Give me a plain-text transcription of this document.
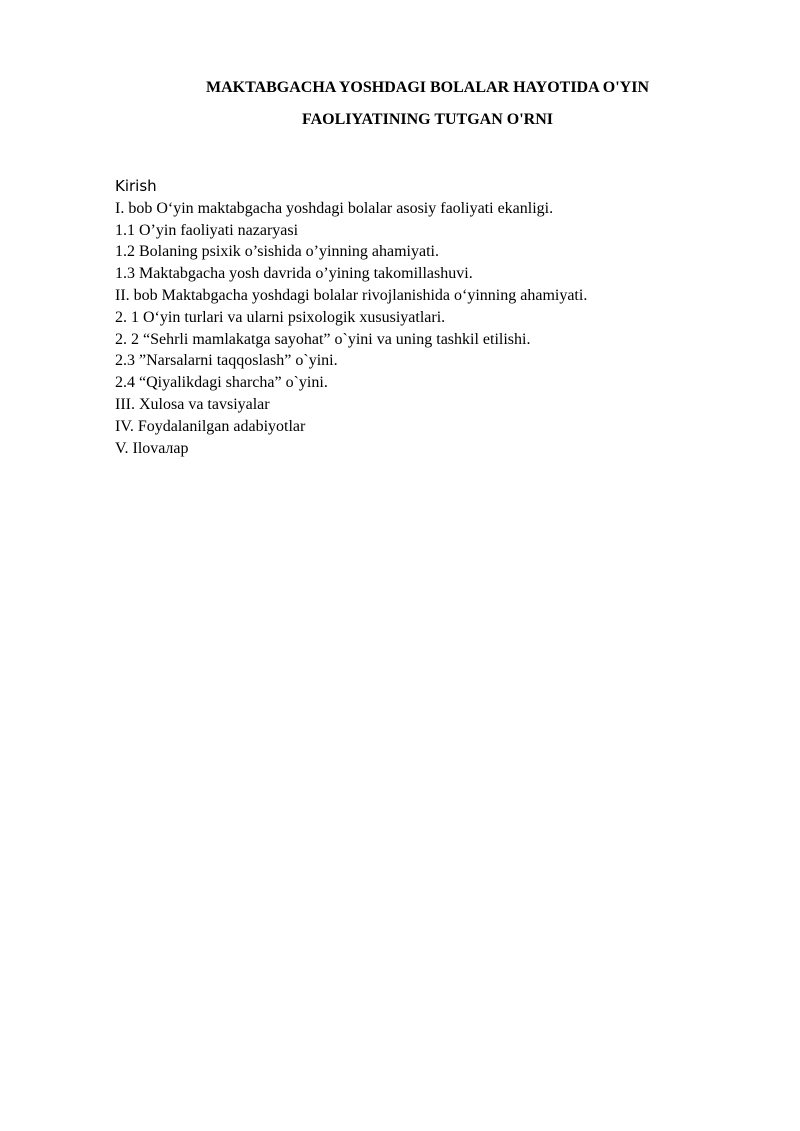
MAKTABGACHA YOSHDAGI BOLALAR HAYOTIDA O'YIN
FAOLIYATINING TUTGAN O'RNI
Kirish
I. bob O‘yin maktabgacha yoshdagi bolalar asosiy faoliyati ekanligi.
1.1 O’yin faoliyati nazaryasi
1.2 Bolaning psixik o’sishida o’yinning ahamiyati.
1.3 Maktabgacha yosh davrida o’yining takomillashuvi.
II. bob Maktabgacha yoshdagi bolalar rivojlanishida o‘yinning ahamiyati.
2. 1 O‘yin turlari va ularni psixologik xususiyatlari.
2. 2 “Sehrli mamlakatga sayohat” o`yini va uning tashkil etilishi.
2.3 ”Narsalarni taqqoslash” o`yini.
2.4 “Qiyalikdagi sharcha” o`yini.
III. Xulosa va tavsiyalar
IV. Foydalanilgan adabiyotlar
V. Ilovaлар
